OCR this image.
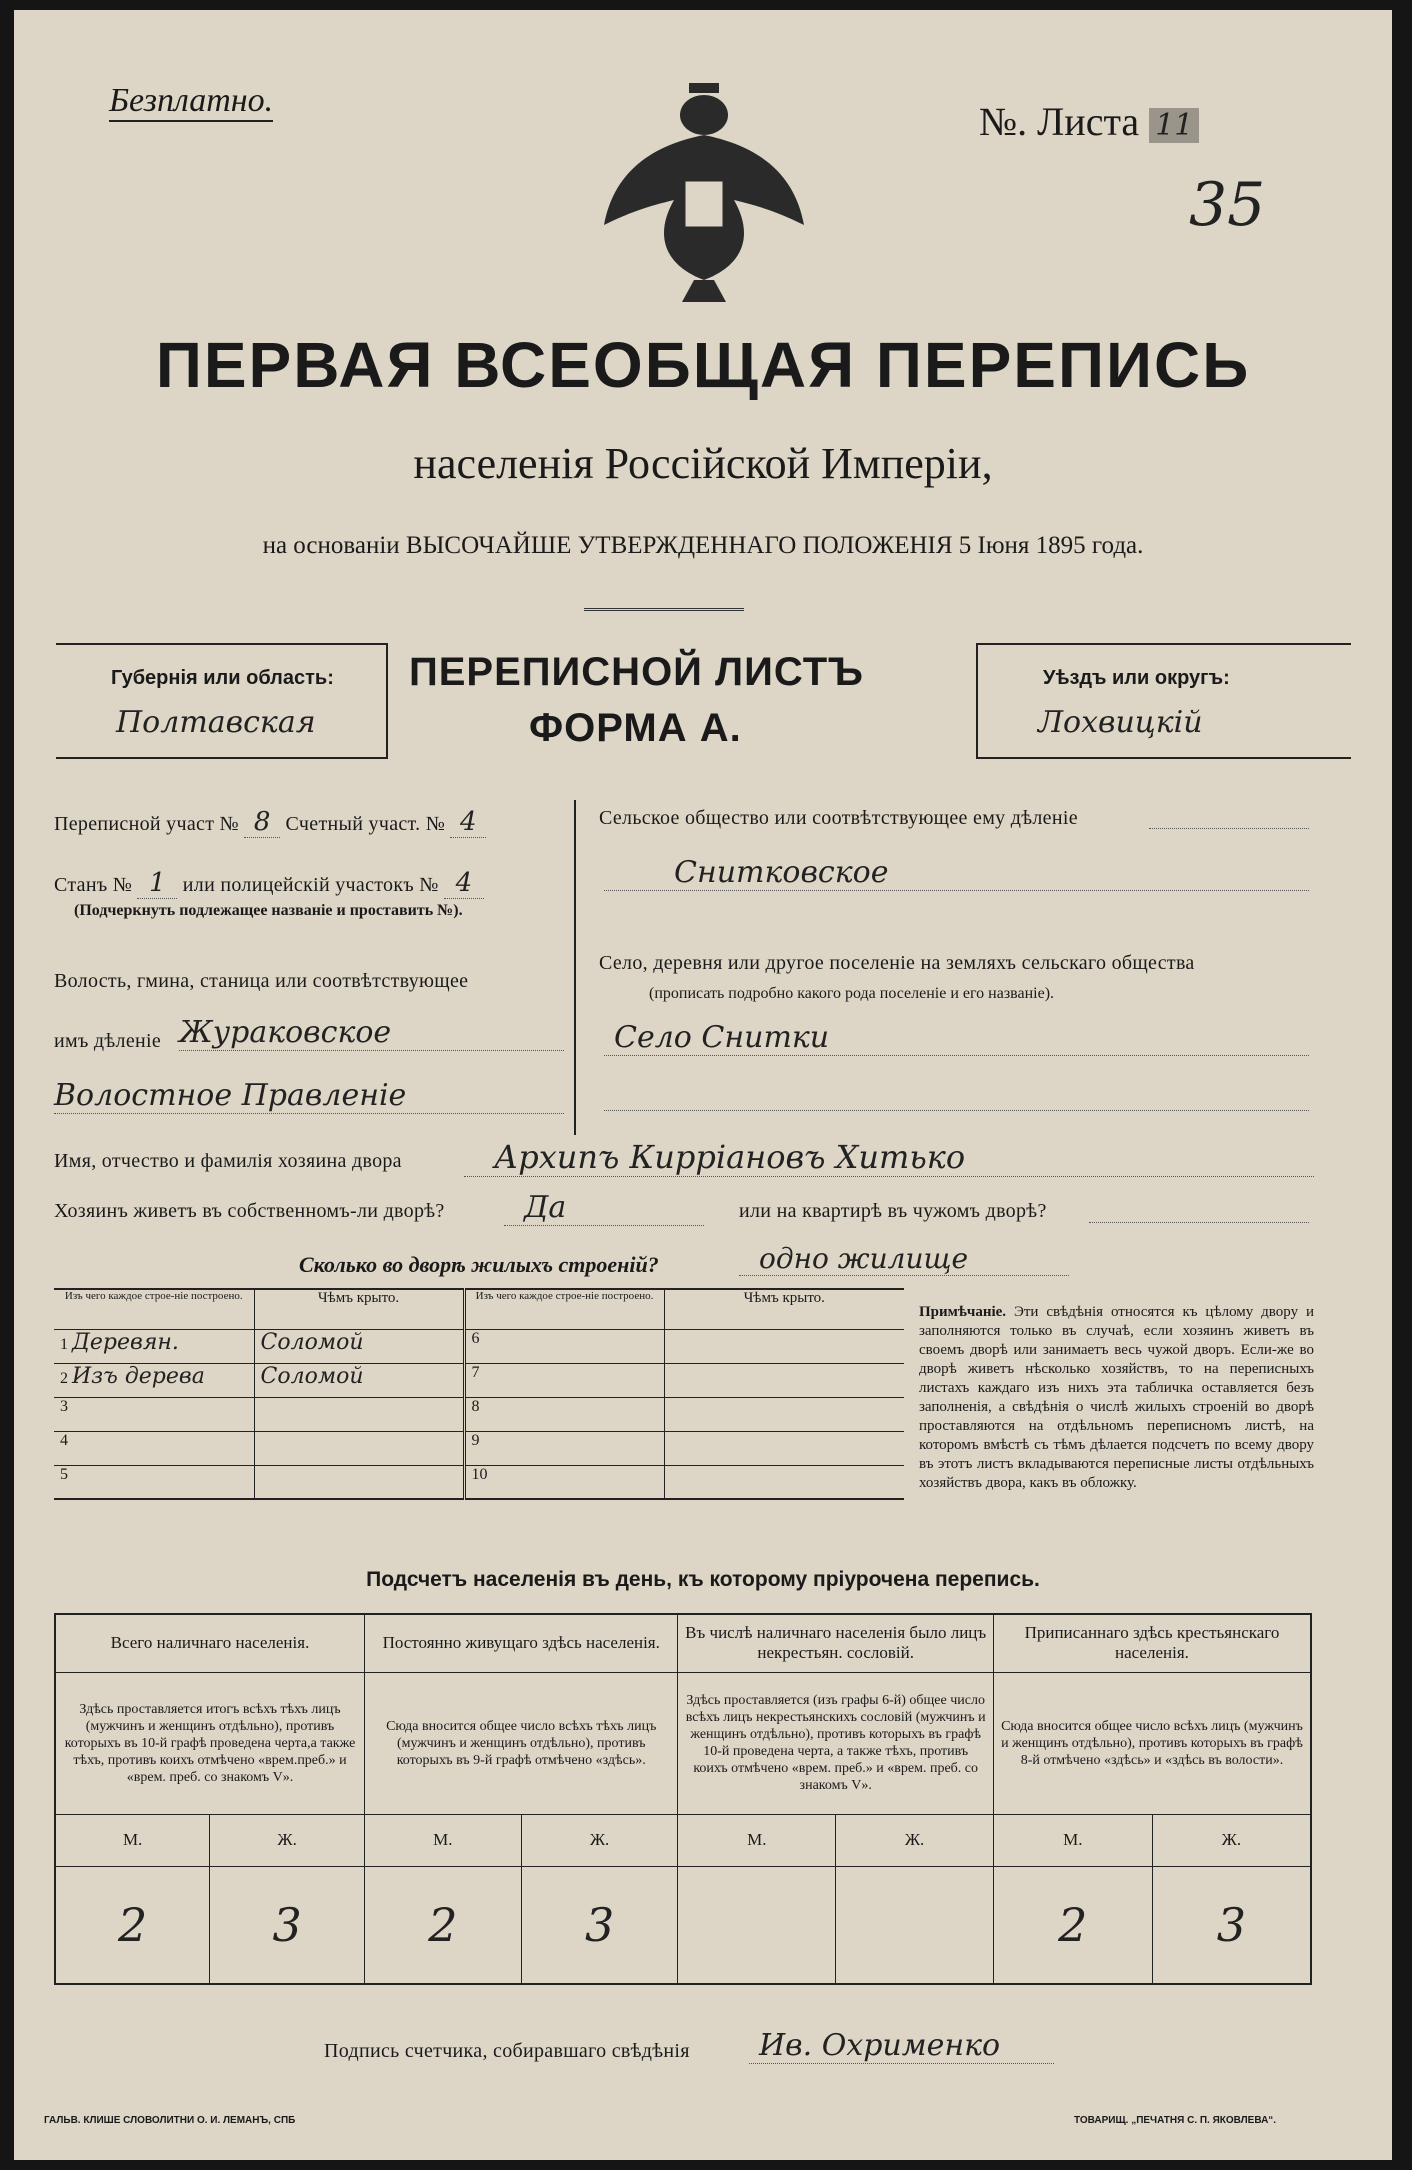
Безплатно.	№. Листа 11
35
ПЕРВАЯ ВСЕОБЩАЯ ПЕРЕПИСЬ
населенія Россійской Имперіи,
на основаніи ВЫСОЧАЙШЕ УТВЕРЖДЕННАГО ПОЛОЖЕНІЯ 5 Іюня 1895 года.
Губернія или область:
Полтавская
ПЕРЕПИСНОЙ ЛИСТЪ
ФОРМА А.
Уѣздъ или округъ:
Лохвицкій
Переписной участ № 8 Счетный участ. № 4
Станъ № 1 или полицейскій участокъ № 4
(Подчеркнуть подлежащее названіе и проставить №).
Волость, гмина, станица или соотвѣтствующее
имъ дѣленіе Жураковское
Волостное Правленіе
Сельское общество или соотвѣтствующее ему дѣленіе
Снитковское
Село, деревня или другое поселеніе на земляхъ сельскаго общества
(прописать подробно какого рода поселеніе и его названіе).
Село Снитки
Имя, отчество и фамилія хозяина двора	Архипъ Кирріановъ Хитько
Хозяинъ живетъ въ собственномъ-ли дворѣ?	Да	или на квартирѣ въ чужомъ дворѣ?
Сколько во дворѣ жилыхъ строеній?	одно жилище
Изъ чего каждое строе-ніе построено.	Чѣмъ крыто.	Изъ чего каждое строе-ніе построено.	Чѣмъ крыто.
1 Деревян.	Соломой	6	
2 Изъ дерева	Соломой	7	
3		8	
4		9	
5		10	
Примѣчаніе. Эти свѣдѣнія относятся къ цѣлому двору и заполняются только въ случаѣ, если хозяинъ живетъ въ своемъ дворѣ или занимаетъ весь чужой дворъ. Если-же во дворѣ живетъ нѣсколько хозяйствъ, то на переписныхъ листахъ каждаго изъ нихъ эта табличка оставляется безъ заполненія, а свѣдѣнія о числѣ жилыхъ строеній во дворѣ проставляются на отдѣльномъ переписномъ листѣ, на которомъ вмѣстѣ съ тѣмъ дѣлается подсчетъ по всему двору въ этотъ листъ вкладываются переписные листы отдѣльныхъ хозяйствъ двора, какъ въ обложку.
Подсчетъ населенія въ день, къ которому пріурочена перепись.
Всего наличнаго населенія.		Постоянно живущаго здѣсь населенія.		Въ числѣ наличнаго населенія было лицъ некрестьян. сословій.		Приписаннаго здѣсь крестьянскаго населенія.	
Здѣсь проставляется итогъ всѣхъ тѣхъ лицъ (мужчинъ и женщинъ отдѣльно), противъ которыхъ въ 10-й графѣ проведена черта,а также тѣхъ, противъ коихъ отмѣчено «врем.преб.» и «врем. преб. со знакомъ V».		Сюда вносится общее число всѣхъ тѣхъ лицъ (мужчинъ и женщинъ отдѣльно), противъ которыхъ въ 9-й графѣ отмѣчено «здѣсь».		Здѣсь проставляется (изъ графы 6-й) общее число всѣхъ лицъ некрестьянскихъ сословій (мужчинъ и женщинъ отдѣльно), противъ которыхъ въ графѣ 10-й проведена черта, а также тѣхъ, противъ коихъ отмѣчено «врем. преб.» и «врем. преб. со знакомъ V».		Сюда вносится общее число всѣхъ лицъ (мужчинъ и женщинъ отдѣльно), противъ которыхъ въ графѣ 8-й отмѣчено «здѣсь» и «здѣсь въ волости».	
М.	Ж.	М.	Ж.	М.	Ж.	М.	Ж.
2	3	2	3			2	3
Подпись счетчика, собиравшаго свѣдѣнія	Ив. Охрименко
ГАЛЬВ. КЛИШЕ СЛОВОЛИТНИ О. И. ЛЕМАНЪ, СПБ	ТОВАРИЩ. „ПЕЧАТНЯ С. П. ЯКОВЛЕВА“.
